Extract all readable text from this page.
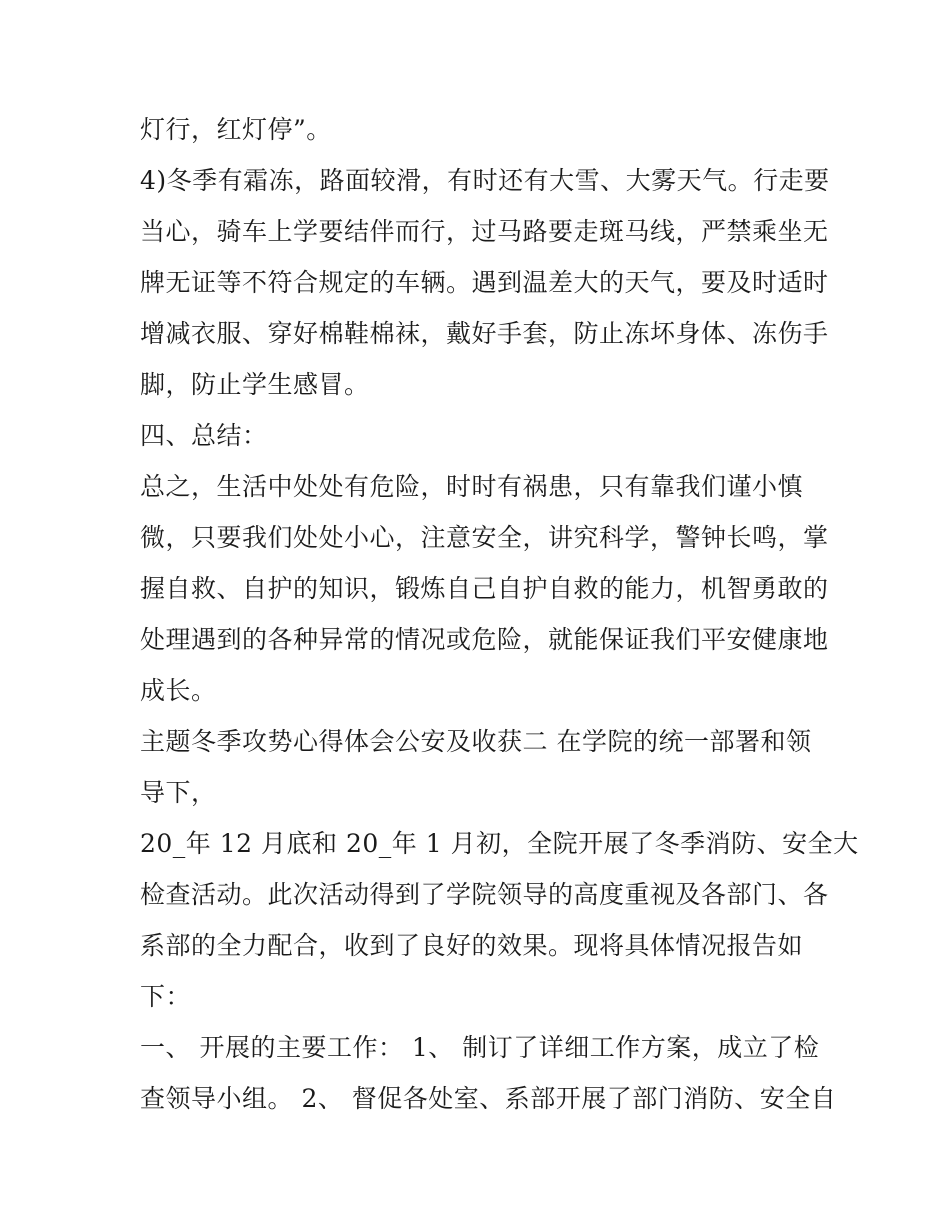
灯行，红灯停”。
4)冬季有霜冻，路面较滑，有时还有大雪、大雾天气。行走要
当心，骑车上学要结伴而行，过马路要走斑马线，严禁乘坐无
牌无证等不符合规定的车辆。遇到温差大的天气，要及时适时
增减衣服、穿好棉鞋棉袜，戴好手套，防止冻坏身体、冻伤手
脚，防止学生感冒。
四、总结：
总之，生活中处处有危险，时时有祸患，只有靠我们谨小慎
微，只要我们处处小心，注意安全，讲究科学，警钟长鸣，掌
握自救、自护的知识，锻炼自己自护自救的能力，机智勇敢的
处理遇到的各种异常的情况或危险，就能保证我们平安健康地
成长。
主题冬季攻势心得体会公安及收获二 在学院的统一部署和领
导下，
20_年 12 月底和 20_年 1 月初，全院开展了冬季消防、安全大
检查活动。此次活动得到了学院领导的高度重视及各部门、各
系部的全力配合，收到了良好的效果。现将具体情况报告如
下：
一、 开展的主要工作： 1、 制订了详细工作方案，成立了检
查领导小组。 2、 督促各处室、系部开展了部门消防、安全自
